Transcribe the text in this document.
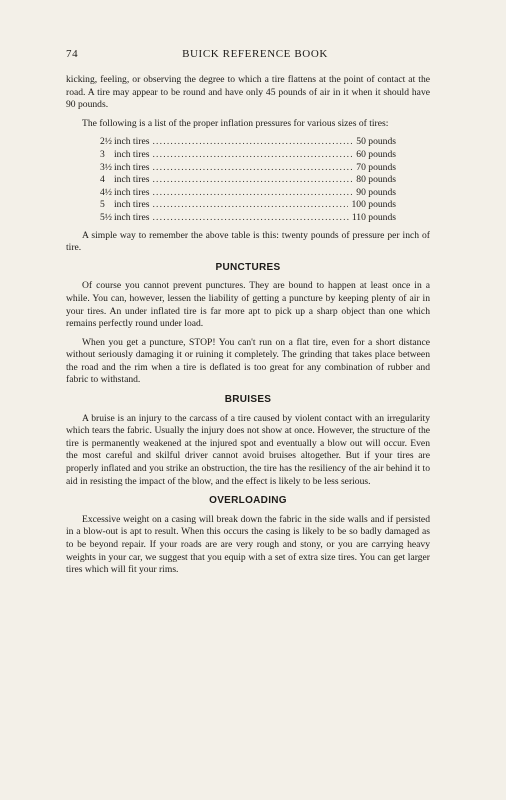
74	BUICK REFERENCE BOOK

kicking, feeling, or observing the degree to which a tire flattens at the point of contact at the road. A tire may appear to be round and have only 45 pounds of air in it when it should have 90 pounds.

The following is a list of the proper inflation pressures for various sizes of tires:

2½ inch tires . . .	50 pounds
3 inch tires . . .	60 pounds
3½ inch tires . . .	70 pounds
4 inch tires . . .	80 pounds
4½ inch tires . . .	90 pounds
5 inch tires . . .	100 pounds
5½ inch tires . . .	110 pounds

A simple way to remember the above table is this: twenty pounds of pressure per inch of tire.

PUNCTURES

Of course you cannot prevent punctures. They are bound to happen at least once in a while. You can, however, lessen the liability of getting a puncture by keeping plenty of air in your tires. An under inflated tire is far more apt to pick up a sharp object than one which remains perfectly round under load.

When you get a puncture, STOP! You can't run on a flat tire, even for a short distance without seriously damaging it or ruining it completely. The grinding that takes place between the road and the rim when a tire is deflated is too great for any combination of rubber and fabric to withstand.

BRUISES

A bruise is an injury to the carcass of a tire caused by violent contact with an irregularity which tears the fabric. Usually the injury does not show at once. However, the structure of the tire is permanently weakened at the injured spot and eventually a blow out will occur. Even the most careful and skilful driver cannot avoid bruises altogether. But if your tires are properly inflated and you strike an obstruction, the tire has the resiliency of the air behind it to aid in resisting the impact of the blow, and the effect is likely to be less serious.

OVERLOADING

Excessive weight on a casing will break down the fabric in the side walls and if persisted in a blow-out is apt to result. When this occurs the casing is likely to be so badly damaged as to be beyond repair. If your roads are are very rough and stony, or you are carrying heavy weights in your car, we suggest that you equip with a set of extra size tires. You can get larger tires which will fit your rims.
